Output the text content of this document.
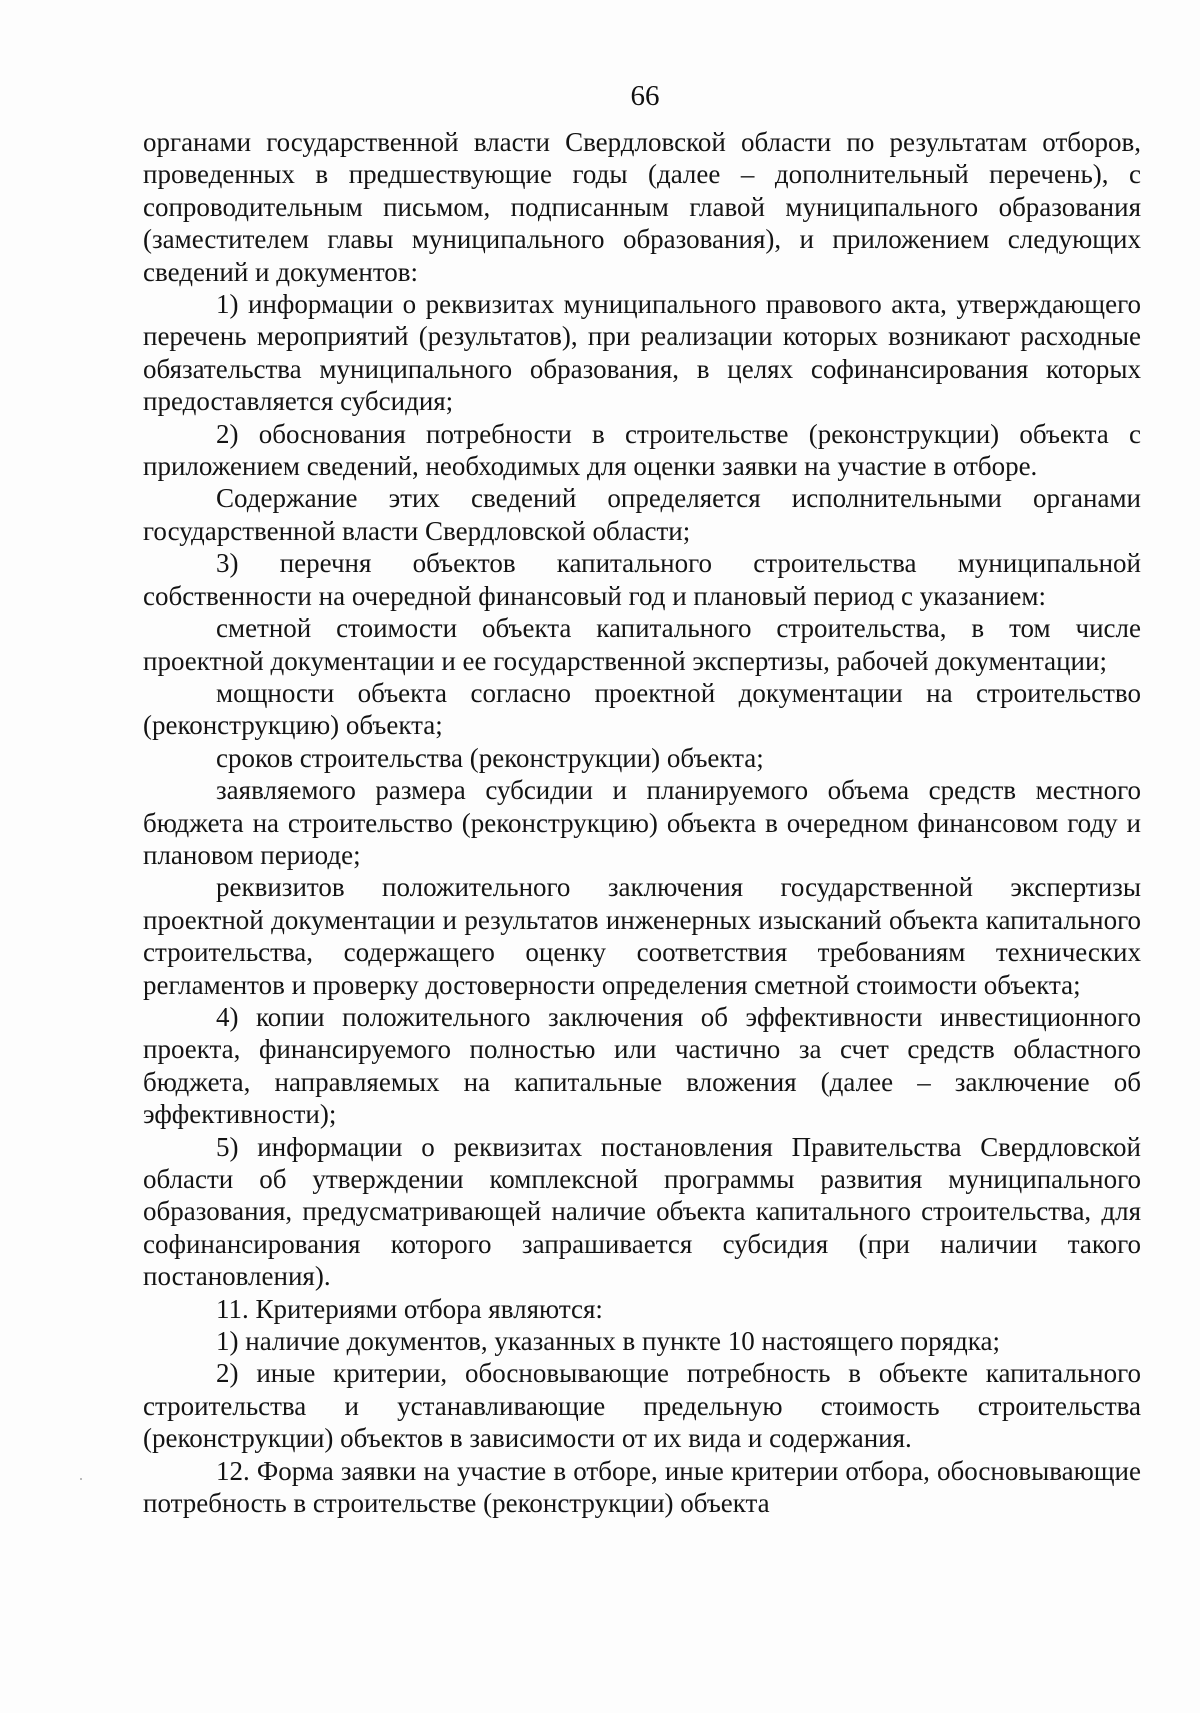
66

органами государственной власти Свердловской области по результатам отборов, проведенных в предшествующие годы (далее – дополнительный перечень), с сопроводительным письмом, подписанным главой муниципального образования (заместителем главы муниципального образования), и приложением следующих сведений и документов:

1) информации о реквизитах муниципального правового акта, утверждающего перечень мероприятий (результатов), при реализации которых возникают расходные обязательства муниципального образования, в целях софинансирования которых предоставляется субсидия;

2) обоснования потребности в строительстве (реконструкции) объекта с приложением сведений, необходимых для оценки заявки на участие в отборе.

Содержание этих сведений определяется исполнительными органами государственной власти Свердловской области;

3) перечня объектов капитального строительства муниципальной собственности на очередной финансовый год и плановый период с указанием:

сметной стоимости объекта капитального строительства, в том числе проектной документации и ее государственной экспертизы, рабочей документации;

мощности объекта согласно проектной документации на строительство (реконструкцию) объекта;

сроков строительства (реконструкции) объекта;

заявляемого размера субсидии и планируемого объема средств местного бюджета на строительство (реконструкцию) объекта в очередном финансовом году и плановом периоде;

реквизитов положительного заключения государственной экспертизы проектной документации и результатов инженерных изысканий объекта капитального строительства, содержащего оценку соответствия требованиям технических регламентов и проверку достоверности определения сметной стоимости объекта;

4) копии положительного заключения об эффективности инвестиционного проекта, финансируемого полностью или частично за счет средств областного бюджета, направляемых на капитальные вложения (далее – заключение об эффективности);

5) информации о реквизитах постановления Правительства Свердловской области об утверждении комплексной программы развития муниципального образования, предусматривающей наличие объекта капитального строительства, для софинансирования которого запрашивается субсидия (при наличии такого постановления).

11. Критериями отбора являются:

1) наличие документов, указанных в пункте 10 настоящего порядка;

2) иные критерии, обосновывающие потребность в объекте капитального строительства и устанавливающие предельную стоимость строительства (реконструкции) объектов в зависимости от их вида и содержания.

12. Форма заявки на участие в отборе, иные критерии отбора, обосновывающие потребность в строительстве (реконструкции) объекта
